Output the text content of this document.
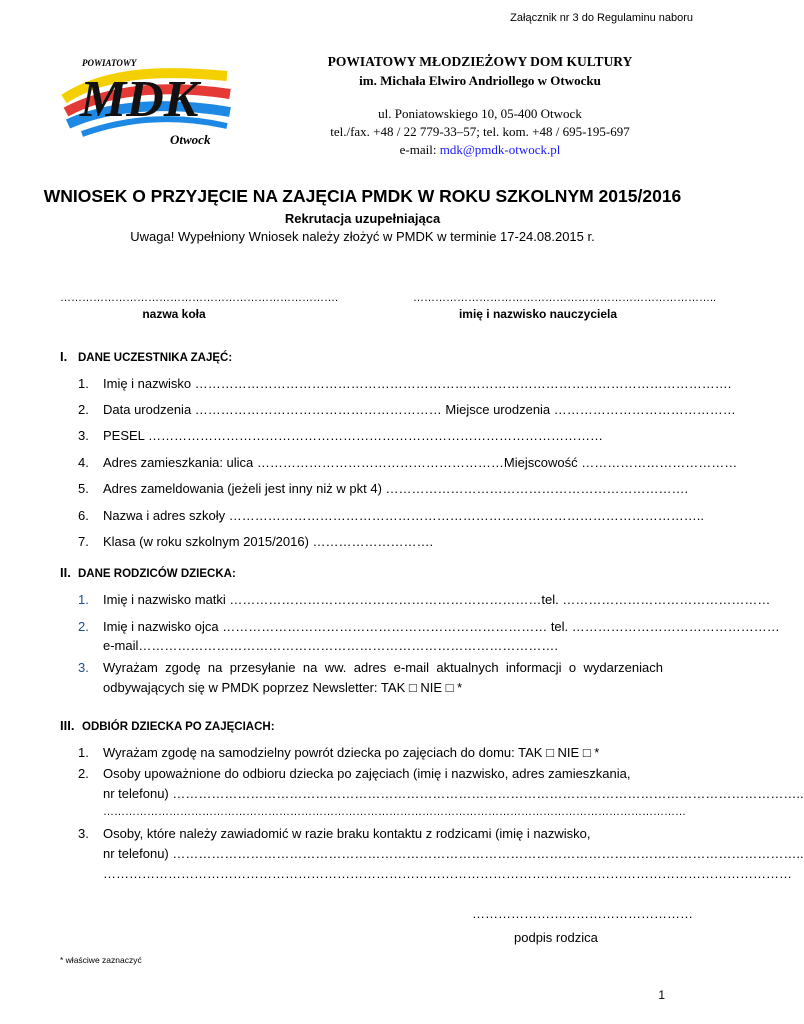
Załącznik nr 3 do Regulaminu naboru
POWIATOWY
MDK
Otwock
POWIATOWY MŁODZIEŻOWY DOM KULTURY
im. Michała Elwiro Andriollego w Otwocku
ul. Poniatowskiego 10, 05-400 Otwock
tel./fax. +48 / 22 779-33–57; tel. kom. +48 / 695-195-697
e-mail: mdk@pmdk-otwock.pl
WNIOSEK O PRZYJĘCIE NA ZAJĘCIA PMDK W ROKU SZKOLNYM 2015/2016
Rekrutacja uzupełniająca
Uwaga! Wypełniony Wniosek należy złożyć w PMDK w terminie 17-24.08.2015 r.
………………………………………………………………….
nazwa koła
………………………………………………………………………..
imię i nazwisko nauczyciela
I. DANE UCZESTNIKA ZAJĘĆ:
1. Imię i nazwisko …………………………………………………………………………………………………………….
2. Data urodzenia ………………………………………………… Miejsce urodzenia ……………………………………
3. PESEL ……………………………………………………………………………………………
4. Adres zamieszkania: ulica …………………………………………………Miejscowość ………………………………
5. Adres zameldowania (jeżeli jest inny niż w pkt 4) …………………………………………………………….
6. Nazwa i adres szkoły ………………………………………………………………………………………………..
7. Klasa (w roku szkolnym 2015/2016) ……………………….
II. DANE RODZICÓW DZIECKA:
1. Imię i nazwisko matki ………………………………………………………………tel. …………………………………………
2. Imię i nazwisko ojca ………………………………………………………………… tel. …………………………………………
e-mail…………………………………………………………………………………….
3. Wyrażam zgodę na przesyłanie na ww. adres e-mail aktualnych informacji o wydarzeniach
odbywających się w PMDK poprzez Newsletter: TAK □ NIE □ *
III. ODBIÓR DZIECKA PO ZAJĘCIACH:
1. Wyrażam zgodę na samodzielny powrót dziecka po zajęciach do domu: TAK □ NIE □ *
2. Osoby upoważnione do odbioru dziecka po zajęciach (imię i nazwisko, adres zamieszkania,
nr telefonu) ………………………………………………………………………………………………………………………………..
……………………………………………………………………………………………………………………………………………
3. Osoby, które należy zawiadomić w razie braku kontaktu z rodzicami (imię i nazwisko,
nr telefonu) ………………………………………………………………………………………………………………………………..
……………………………………………………………………………………………………………………………………………
……………………………………………
podpis rodzica
* właściwe zaznaczyć
1
